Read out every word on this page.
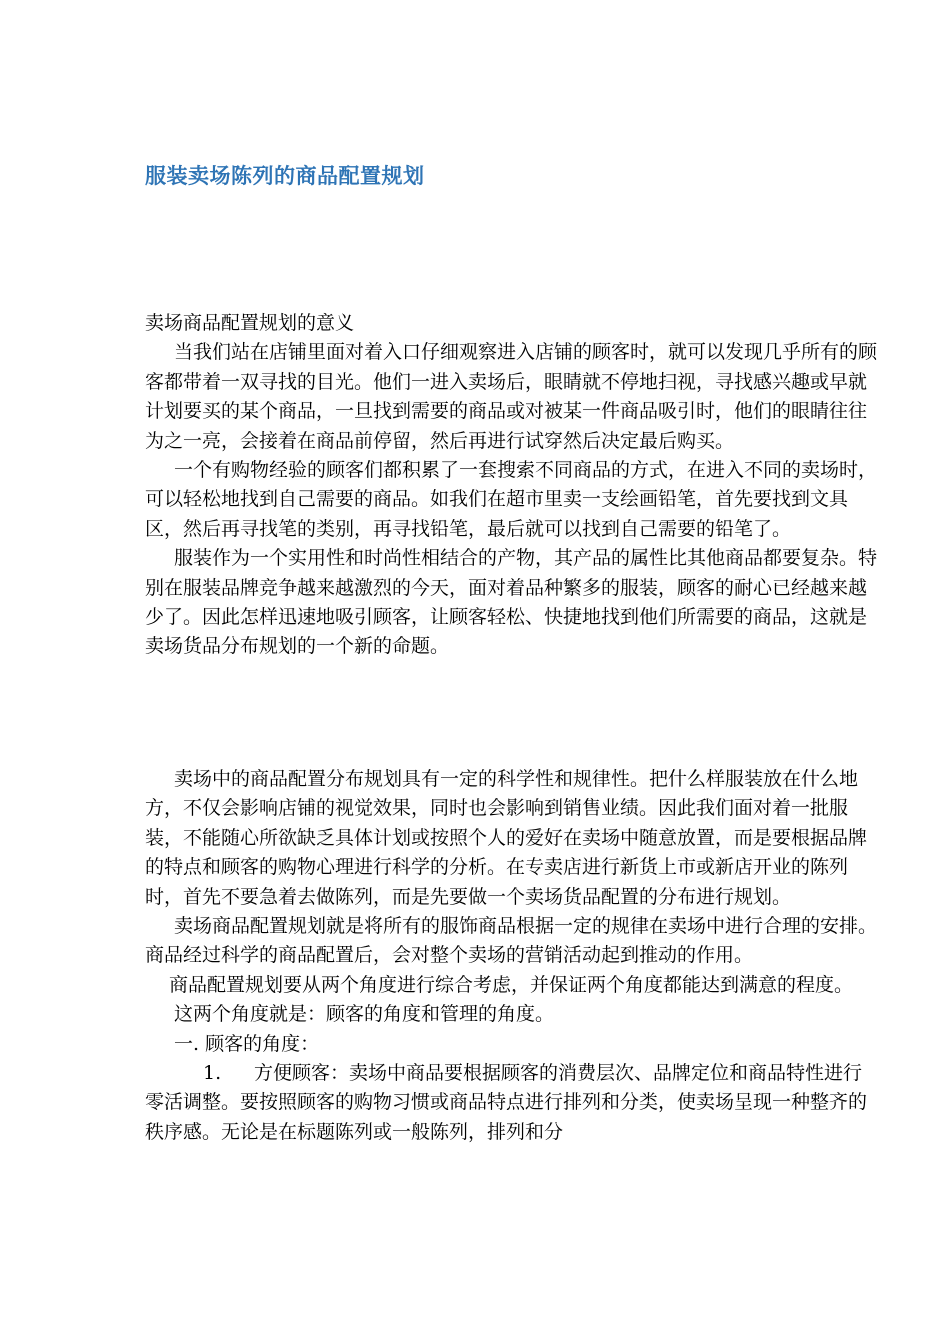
服装卖场陈列的商品配置规划

卖场商品配置规划的意义

当我们站在店铺里面对着入口仔细观察进入店铺的顾客时，就可以发现几乎所有的顾客都带着一双寻找的目光。他们一进入卖场后，眼睛就不停地扫视，寻找感兴趣或早就计划要买的某个商品，一旦找到需要的商品或对被某一件商品吸引时，他们的眼睛往往为之一亮，会接着在商品前停留，然后再进行试穿然后决定最后购买。

一个有购物经验的顾客们都积累了一套搜索不同商品的方式，在进入不同的卖场时，可以轻松地找到自己需要的商品。如我们在超市里卖一支绘画铅笔，首先要找到文具区，然后再寻找笔的类别，再寻找铅笔，最后就可以找到自己需要的铅笔了。

服装作为一个实用性和时尚性相结合的产物，其产品的属性比其他商品都要复杂。特别在服装品牌竞争越来越激烈的今天，面对着品种繁多的服装，顾客的耐心已经越来越少了。因此怎样迅速地吸引顾客，让顾客轻松、快捷地找到他们所需要的商品，这就是卖场货品分布规划的一个新的命题。

卖场中的商品配置分布规划具有一定的科学性和规律性。把什么样服装放在什么地方，不仅会影响店铺的视觉效果，同时也会影响到销售业绩。因此我们面对着一批服装，不能随心所欲缺乏具体计划或按照个人的爱好在卖场中随意放置，而是要根据品牌的特点和顾客的购物心理进行科学的分析。在专卖店进行新货上市或新店开业的陈列时，首先不要急着去做陈列，而是先要做一个卖场货品配置的分布进行规划。

卖场商品配置规划就是将所有的服饰商品根据一定的规律在卖场中进行合理的安排。商品经过科学的商品配置后，会对整个卖场的营销活动起到推动的作用。

商品配置规划要从两个角度进行综合考虑，并保证两个角度都能达到满意的程度。

这两个角度就是：顾客的角度和管理的角度。

一. 顾客的角度：

1. 方便顾客：卖场中商品要根据顾客的消费层次、品牌定位和商品特性进行零活调整。要按照顾客的购物习惯或商品特点进行排列和分类，使卖场呈现一种整齐的秩序感。无论是在标题陈列或一般陈列，排列和分
